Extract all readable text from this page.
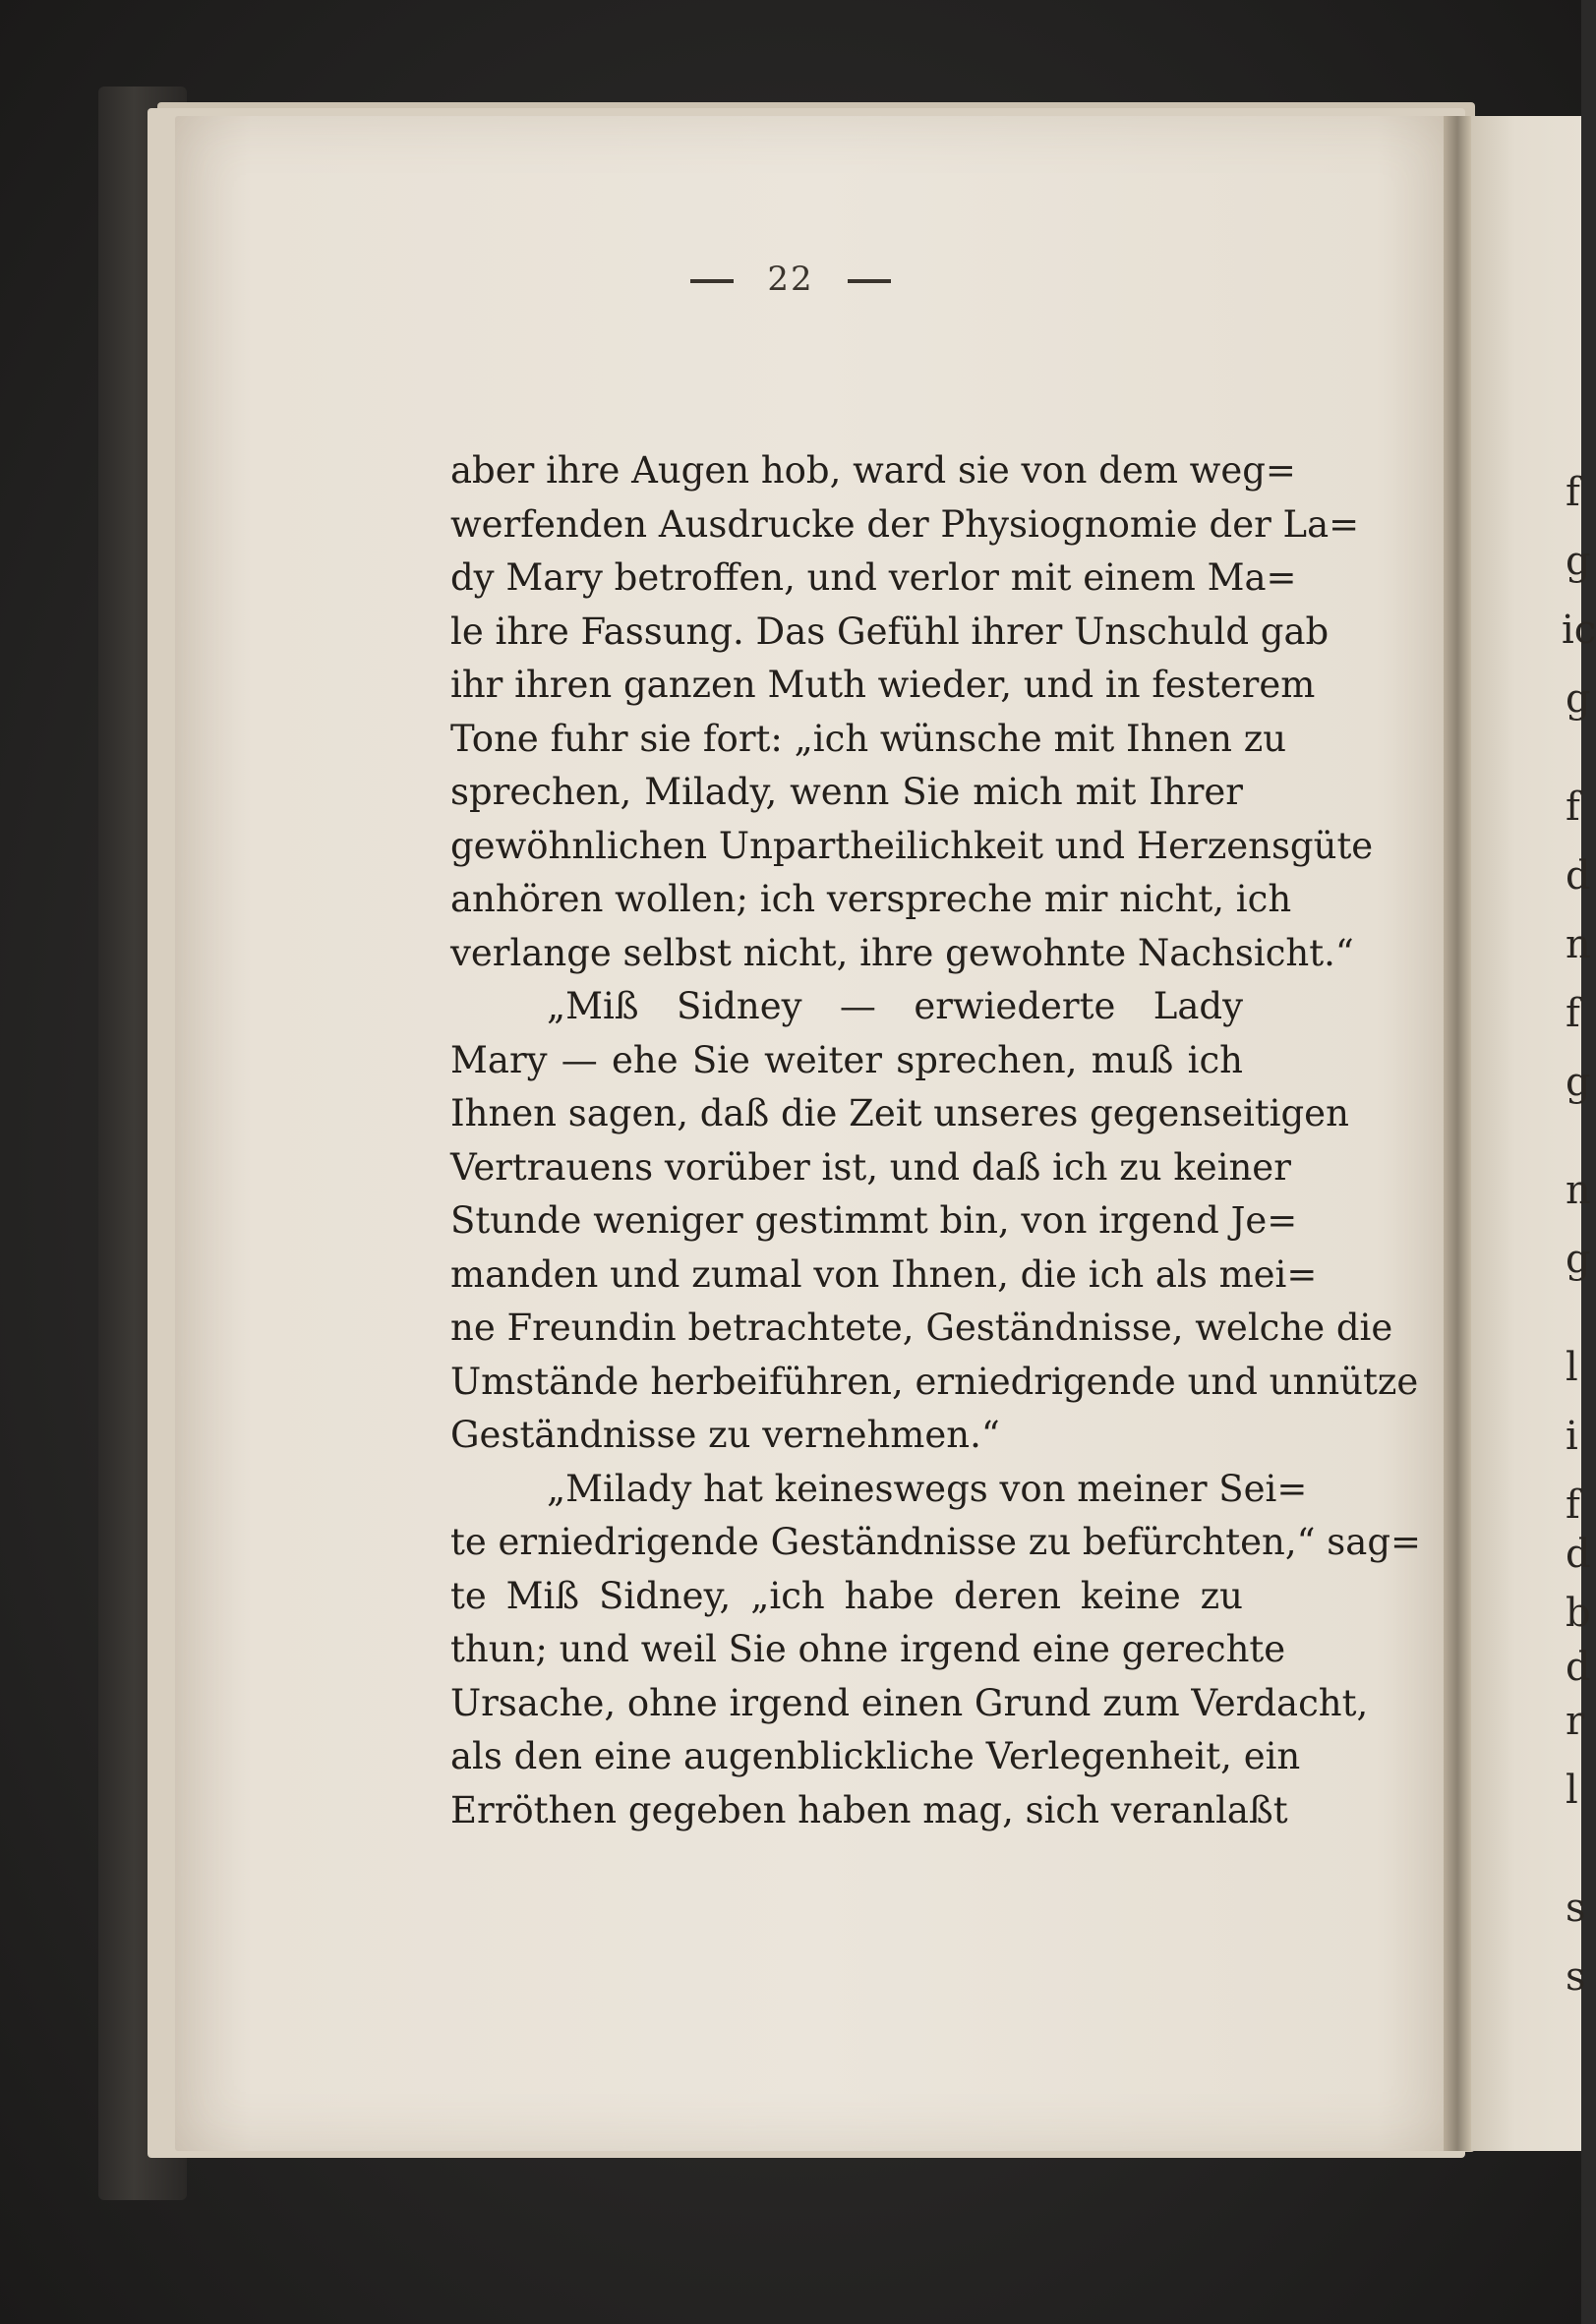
f
g
ic
g
f
d
n
f
g
n
g
l
i
f
d
b
d
r
l
s
s
22
aber ihre Augen hob, ward sie von dem weg=
werfenden Ausdrucke der Physiognomie der La=
dy Mary betroffen, und verlor mit einem Ma=
le ihre Fassung. Das Gefühl ihrer Unschuld gab
ihr ihren ganzen Muth wieder, und in festerem
Tone fuhr sie fort: „ich wünsche mit Ihnen zu
sprechen, Milady, wenn Sie mich mit Ihrer
gewöhnlichen Unpartheilichkeit und Herzensgüte
anhören wollen; ich verspreche mir nicht, ich
verlange selbst nicht, ihre gewohnte Nachsicht.“
„Miß Sidney — erwiederte Lady
Mary — ehe Sie weiter sprechen, muß ich
Ihnen sagen, daß die Zeit unseres gegenseitigen
Vertrauens vorüber ist, und daß ich zu keiner
Stunde weniger gestimmt bin, von irgend Je=
manden und zumal von Ihnen, die ich als mei=
ne Freundin betrachtete, Geständnisse, welche die
Umstände herbeiführen, erniedrigende und unnütze
Geständnisse zu vernehmen.“
„Milady hat keineswegs von meiner Sei=
te erniedrigende Geständnisse zu befürchten,“ sag=
te Miß Sidney, „ich habe deren keine zu
thun; und weil Sie ohne irgend eine gerechte
Ursache, ohne irgend einen Grund zum Verdacht,
als den eine augenblickliche Verlegenheit, ein
Erröthen gegeben haben mag, sich veranlaßt
